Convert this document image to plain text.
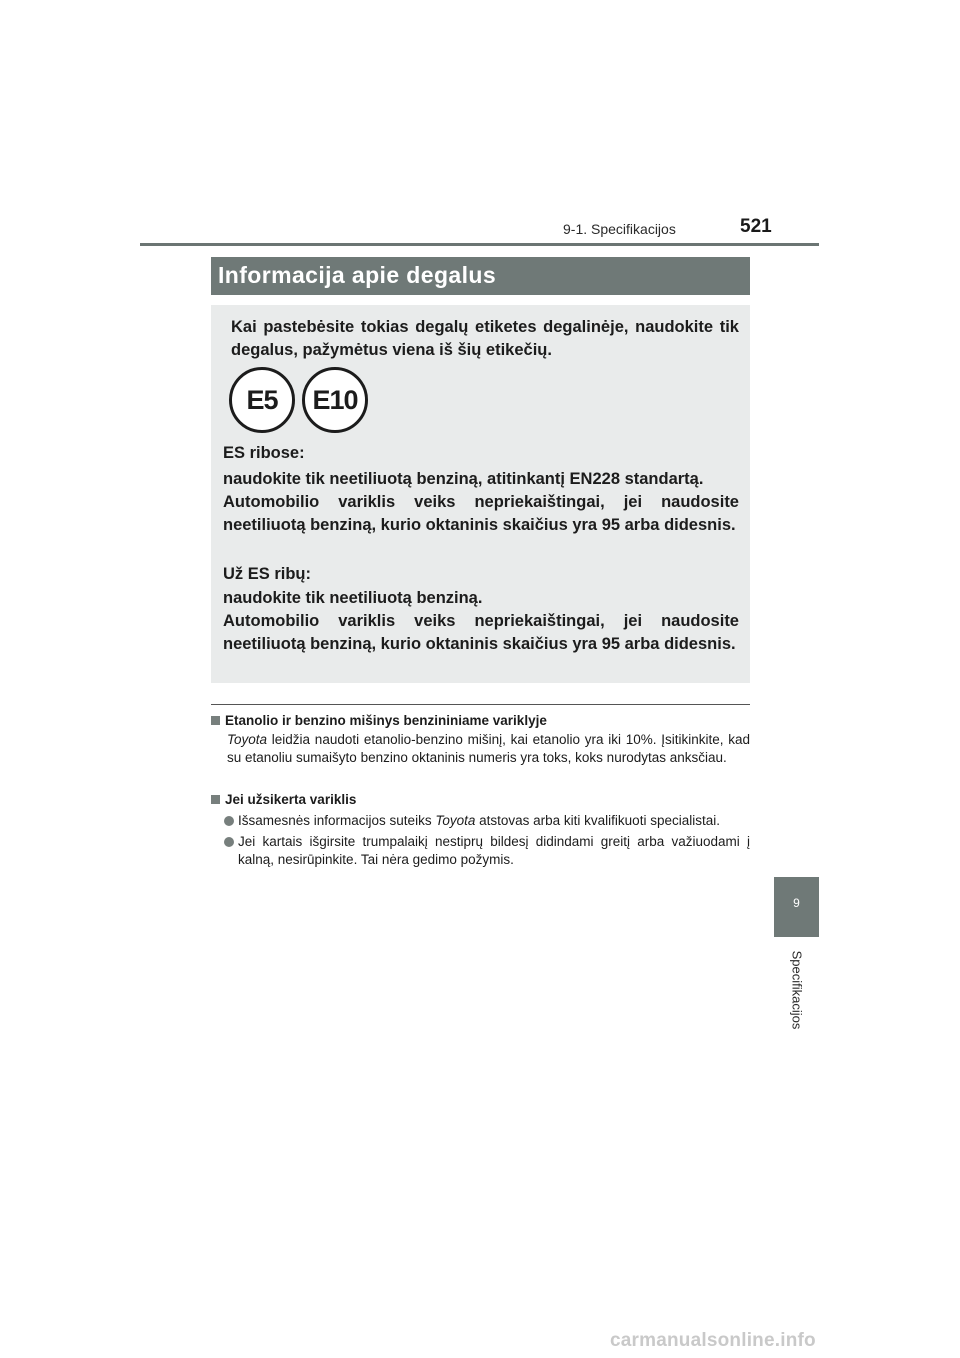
9-1. Specifikacijos	521
Informacija apie degalus
Kai pastebėsite tokias degalų etiketes degalinėje, naudokite tik degalus, pažymėtus viena iš šių etikečių.
E5	E10
ES ribose:
naudokite tik neetiliuotą benziną, atitinkantį EN228 standartą.
Automobilio variklis veiks nepriekaištingai, jei naudosite neetiliuotą benziną, kurio oktaninis skaičius yra 95 arba didesnis.
Už ES ribų:
naudokite tik neetiliuotą benziną.
Automobilio variklis veiks nepriekaištingai, jei naudosite neetiliuotą benziną, kurio oktaninis skaičius yra 95 arba didesnis.
Etanolio ir benzino mišinys benzininiame variklyje
Toyota leidžia naudoti etanolio-benzino mišinį, kai etanolio yra iki 10%. Įsitikinkite, kad su etanoliu sumaišyto benzino oktaninis numeris yra toks, koks nurodytas anksčiau.
Jei užsikerta variklis
Išsamesnės informacijos suteiks Toyota atstovas arba kiti kvalifikuoti specialistai.
Jei kartais išgirsite trumpalaikį nestiprų bildesį didindami greitį arba važiuodami į kalną, nesirūpinkite. Tai nėra gedimo požymis.
9
Specifikacijos
carmanualsonline.info
